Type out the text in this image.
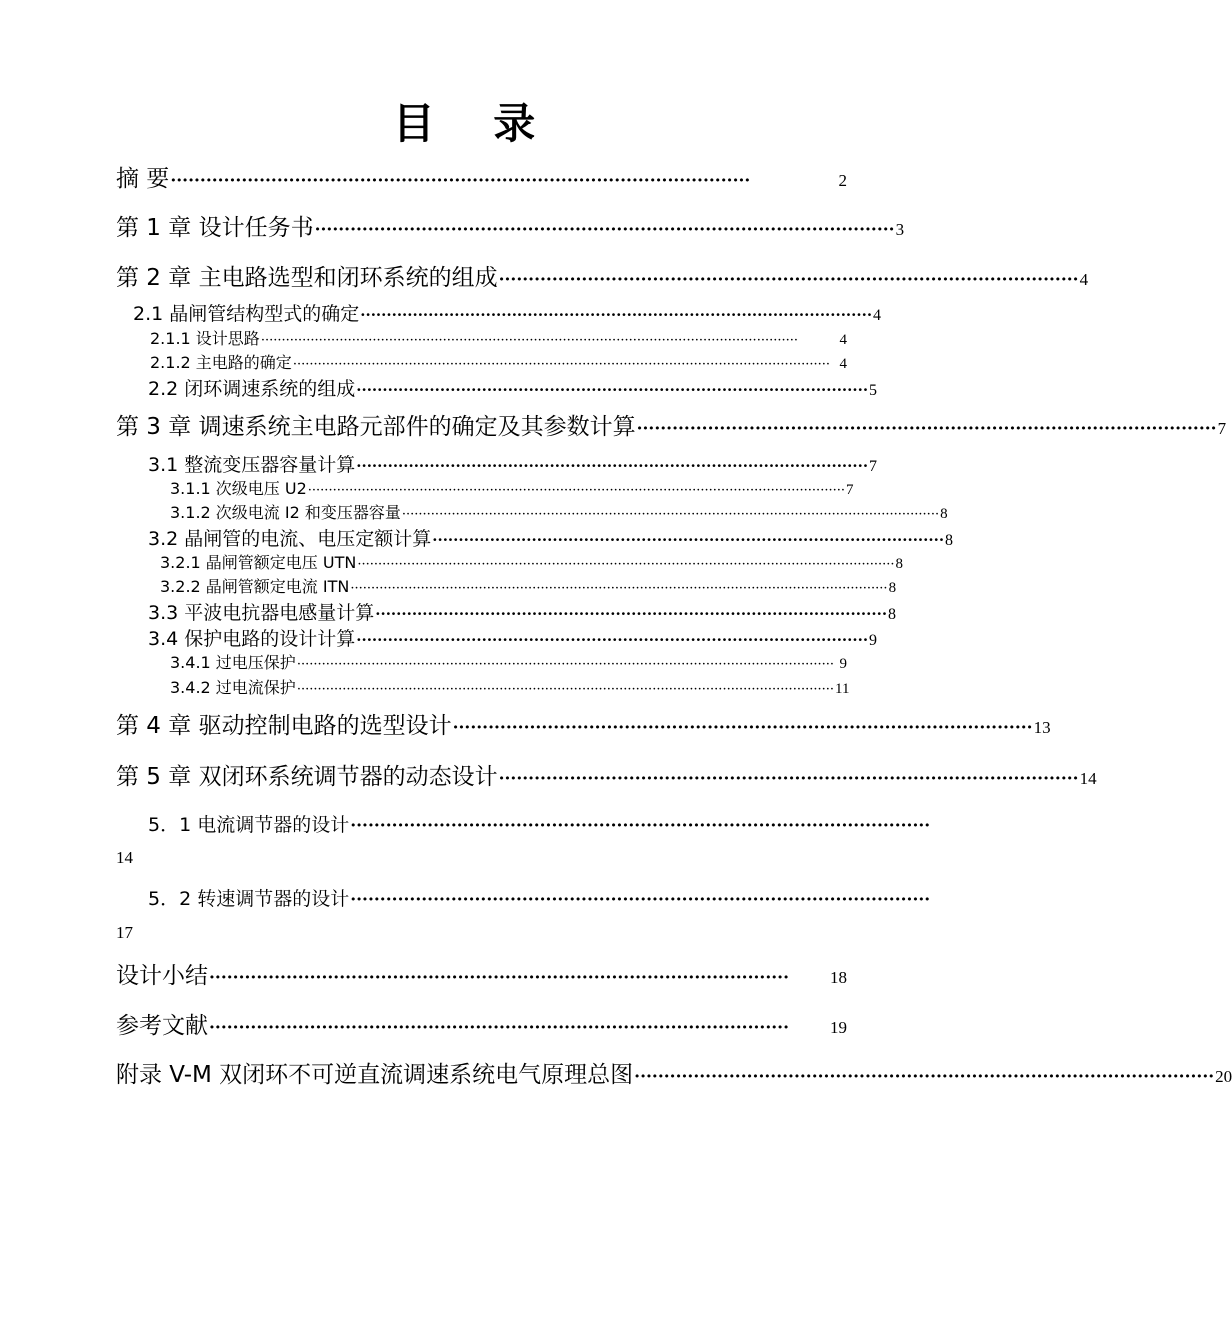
目 录
摘 要 ··································································································	2
第 1 章 设计任务书 ·································································································· 3
第 2 章 主电路选型和闭环系统的组成 ·································································································· 4
2.1 晶闸管结构型式的确定 ·································································································· 4
2.1.1 设计思路 ··································································································································	4
2.1.2 主电路的确定 ·································································································································· 4
2.2 闭环调速系统的组成 ·································································································· 5
第 3 章 调速系统主电路元部件的确定及其参数计算 ·································································································· 7
3.1 整流变压器容量计算 ·································································································· 7
3.1.1 次级电压 U2 ·································································································································· 7
3.1.2 次级电流 I2 和变压器容量 ·································································································································· 8
3.2 晶闸管的电流、电压定额计算 ·································································································· 8
3.2.1 晶闸管额定电压 UTN ·································································································································· 8
3.2.2 晶闸管额定电流 ITN ·································································································································· 8
3.3 平波电抗器电感量计算 ·································································································· 8
3.4 保护电路的设计计算 ·································································································· 9
3.4.1 过电压保护 ·································································································································· 9
3.4.2 过电流保护 ·································································································································· 11
第 4 章 驱动控制电路的选型设计 ·································································································· 13
第 5 章 双闭环系统调节器的动态设计 ·································································································· 14
5．1 电流调节器的设计 ··································································································
14
5．2 转速调节器的设计 ··································································································
17
设计小结 ··································································································	18
参考文献 ··································································································	19
附录 V-M 双闭环不可逆直流调速系统电气原理总图 ·································································································· 20
